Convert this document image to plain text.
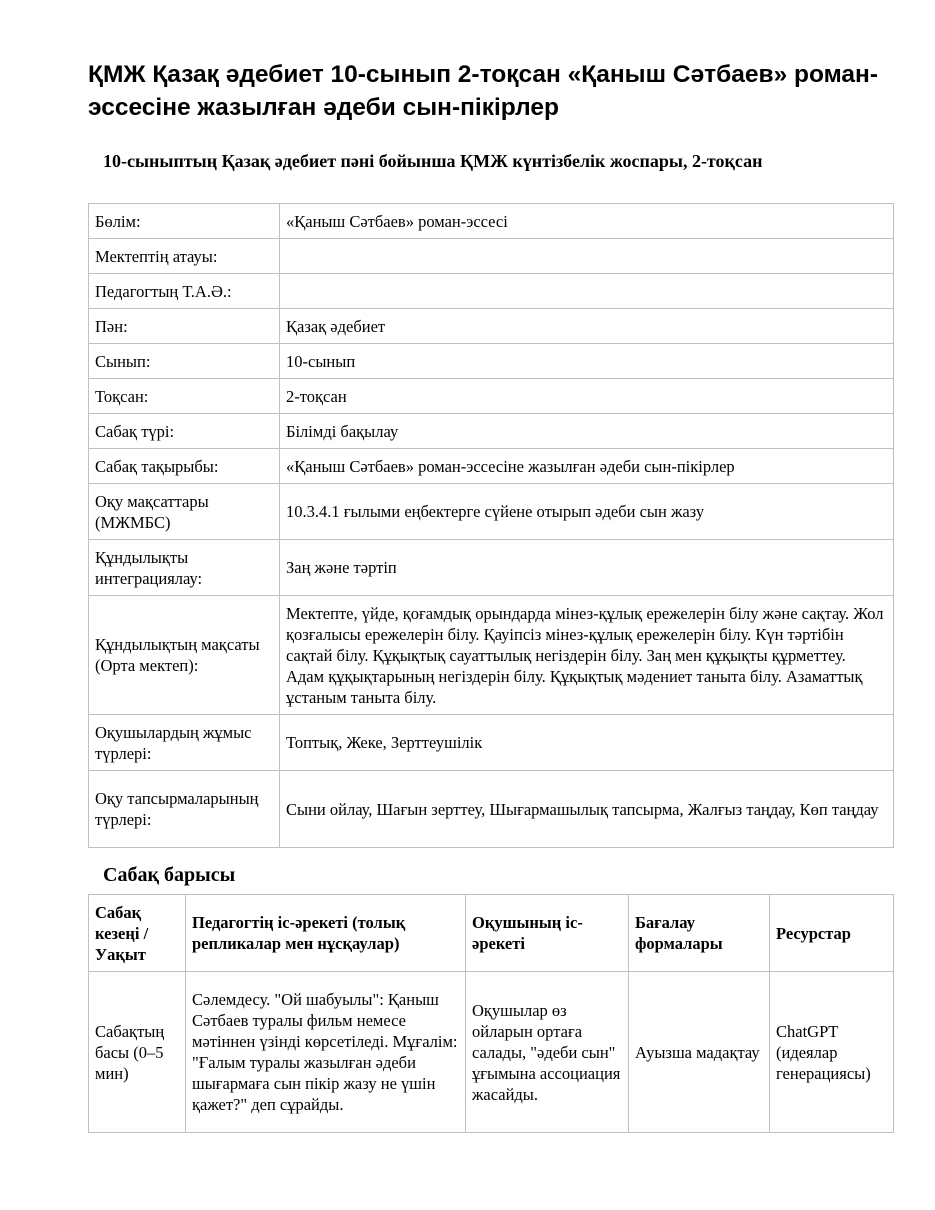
ҚМЖ Қазақ әдебиет 10-сынып 2-тоқсан «Қаныш Сәтбаев» роман-эссесіне жазылған әдеби сын-пікірлер
10-сыныптың Қазақ әдебиет пәні бойынша ҚМЖ күнтізбелік жоспары, 2-тоқсан
Бөлім:	«Қаныш Сәтбаев» роман-эссесі
Мектептің атауы:	
Педагогтың Т.А.Ә.:	
Пән:	Қазақ әдебиет
Сынып:	10-сынып
Тоқсан:	2-тоқсан
Сабақ түрі:	Білімді бақылау
Сабақ тақырыбы:	«Қаныш Сәтбаев» роман-эссесіне жазылған әдеби сын-пікірлер
Оқу мақсаттары (МЖМБС)	10.3.4.1 ғылыми еңбектерге сүйене отырып әдеби сын жазу
Құндылықты интеграциялау:	Заң және тәртіп
Құндылықтың мақсаты (Орта мектеп):	Мектепте, үйде, қоғамдық орындарда мінез-құлық ережелерін білу және сақтау. Жол қозғалысы ережелерін білу. Қауіпсіз мінез-құлық ережелерін білу. Күн тәртібін сақтай білу. Құқықтық сауаттылық негіздерін білу. Заң мен құқықты құрметтеу. Адам құқықтарының негіздерін білу. Құқықтық мәдениет таныта білу. Азаматтық ұстаным таныта білу.
Оқушылардың жұмыс түрлері:	Топтық, Жеке, Зерттеушілік
Оқу тапсырмаларының түрлері:	Сыни ойлау, Шағын зерттеу, Шығармашылық тапсырма, Жалғыз таңдау, Көп таңдау
Сабақ барысы
Сабақ кезеңі / Уақыт	Педагогтің іс-әрекеті (толық репликалар мен нұсқаулар)	Оқушының іс-әрекеті	Бағалау формалары	Ресурстар
Сабақтың басы (0–5 мин)	Сәлемдесу. "Ой шабуылы": Қаныш Сәтбаев туралы фильм немесе мәтіннен үзінді көрсетіледі. Мұғалім: "Ғалым туралы жазылған әдеби шығармаға сын пікір жазу не үшін қажет?" деп сұрайды.	Оқушылар өз ойларын ортаға салады, "әдеби сын" ұғымына ассоциация жасайды.	Ауызша мадақтау	ChatGPT (идеялар генерациясы)
